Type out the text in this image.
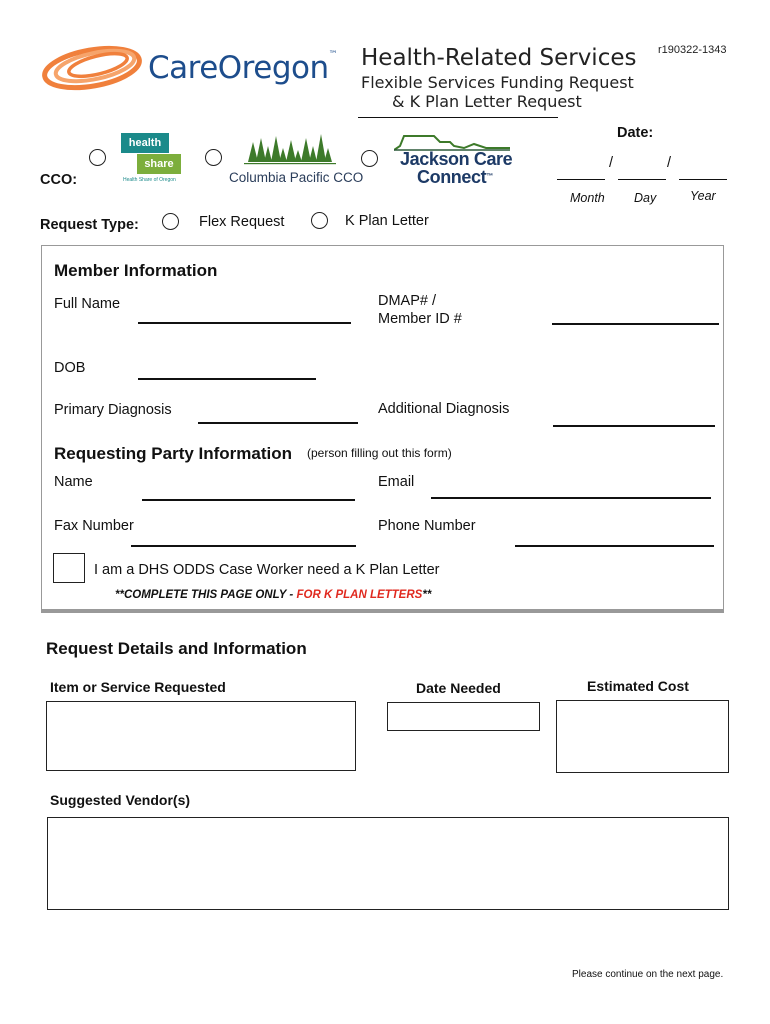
CareOregon™ Health-Related Services
Flexible Services Funding Request
& K Plan Letter Request
r190322-1343
CCO:
health
share
Health Share of Oregon	Columbia Pacific CCO
Jackson Care
Connect™
Date:
/	/
Month Day	Year
Request Type:	Flex Request	K Plan Letter
Member Information
Full Name	DMAP# /
Member ID #
DOB
Primary Diagnosis	Additional Diagnosis
Requesting Party Information (person filling out this form)
Name	Email
Fax Number	Phone Number
I am a DHS ODDS Case Worker need a K Plan Letter
**COMPLETE THIS PAGE ONLY - FOR K PLAN LETTERS**
Request Details and Information
Item or Service Requested	Date Needed	Estimated Cost
Suggested Vendor(s)
Please continue on the next page.
